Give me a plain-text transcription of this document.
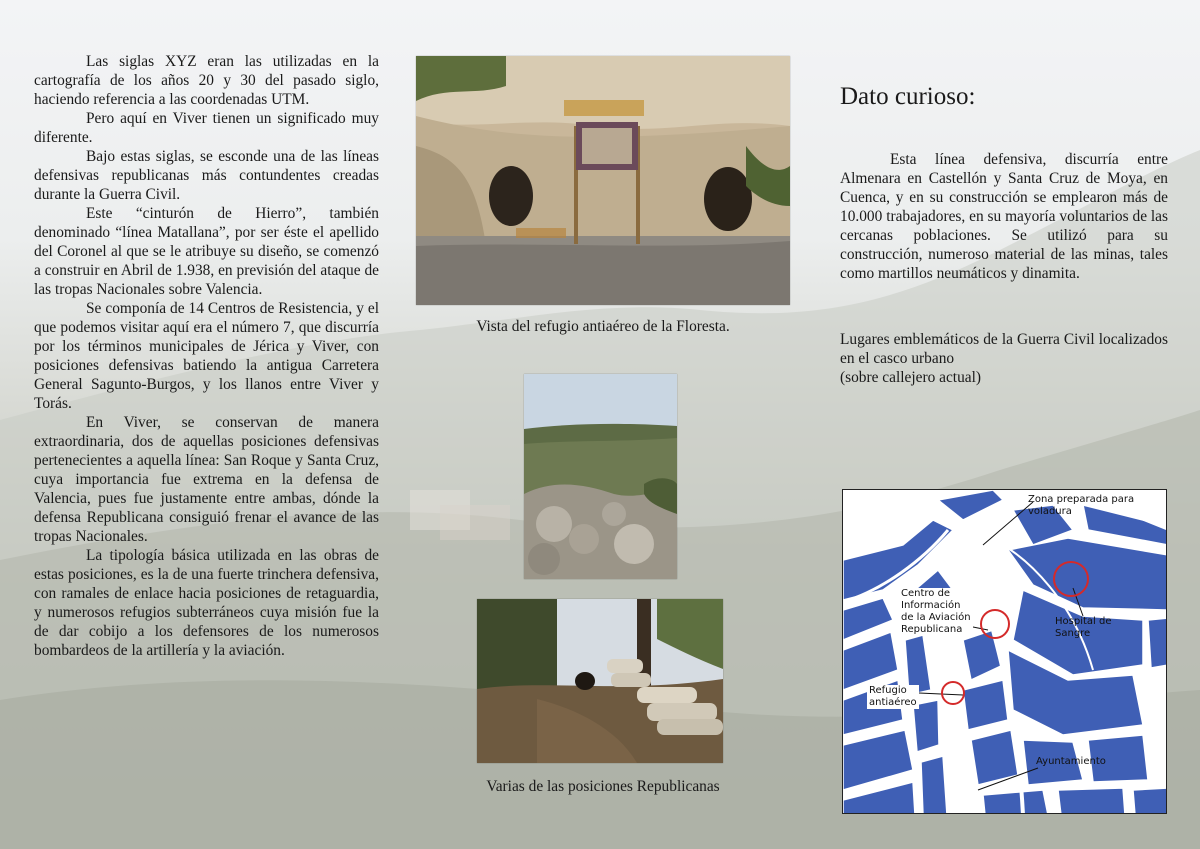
Las siglas XYZ eran las utilizadas en la cartografía de los años 20 y 30 del pasado siglo, haciendo referencia a las coordenadas UTM.

Pero aquí en Viver tienen un significado muy diferente.

Bajo estas siglas, se esconde una de las líneas defensivas republicanas más contundentes creadas durante la Guerra Civil.

Este “cinturón de Hierro”, también denominado “línea Matallana”, por ser éste el apellido del Coronel al que se le atribuye su diseño, se comenzó a construir en Abril de 1.938, en previsión del ataque de las tropas Nacionales sobre Valencia.

Se componía de 14 Centros de Resistencia, y el que podemos visitar aquí era el número 7, que discurría por los términos municipales de Jérica y Viver, con posiciones defensivas batiendo la antigua Carretera General Sagunto-Burgos, y los llanos entre Viver y Torás.

En Viver, se conservan de manera extraordinaria, dos de aquellas posiciones defensivas pertenecientes a aquella línea: San Roque y Santa Cruz, cuya importancia fue extrema en la defensa de Valencia, pues fue justamente entre ambas, dónde la defensa Republicana consiguió frenar el avance de las tropas Nacionales.

La tipología básica utilizada en las obras de estas posiciones, es la de una fuerte trinchera defensiva, con ramales de enlace hacia posiciones de retaguardia, y numerosos refugios subterráneos cuya misión fue la de dar cobijo a los defensores de los numerosos bombardeos de la artillería y la aviación.

Vista del refugio antiaéreo de la Floresta.
Varias de las posiciones Republicanas
Dato curioso:

Esta línea defensiva, discurría entre Almenara en Castellón y Santa Cruz de Moya, en Cuenca, y en su construcción se emplearon más de 10.000 trabajadores, en su mayoría voluntarios de las cercanas poblaciones. Se utilizó para su construcción, numeroso material de las minas, tales como martillos neumáticos y dinamita.

Lugares emblemáticos de la Guerra Civil localizados en el casco urbano
(sobre callejero actual)

Zona preparada para
voladura
Centro de
Información
de la Aviación
Republicana
Hospital de
Sangre
Refugio
antiaéreo
Ayuntamiento
